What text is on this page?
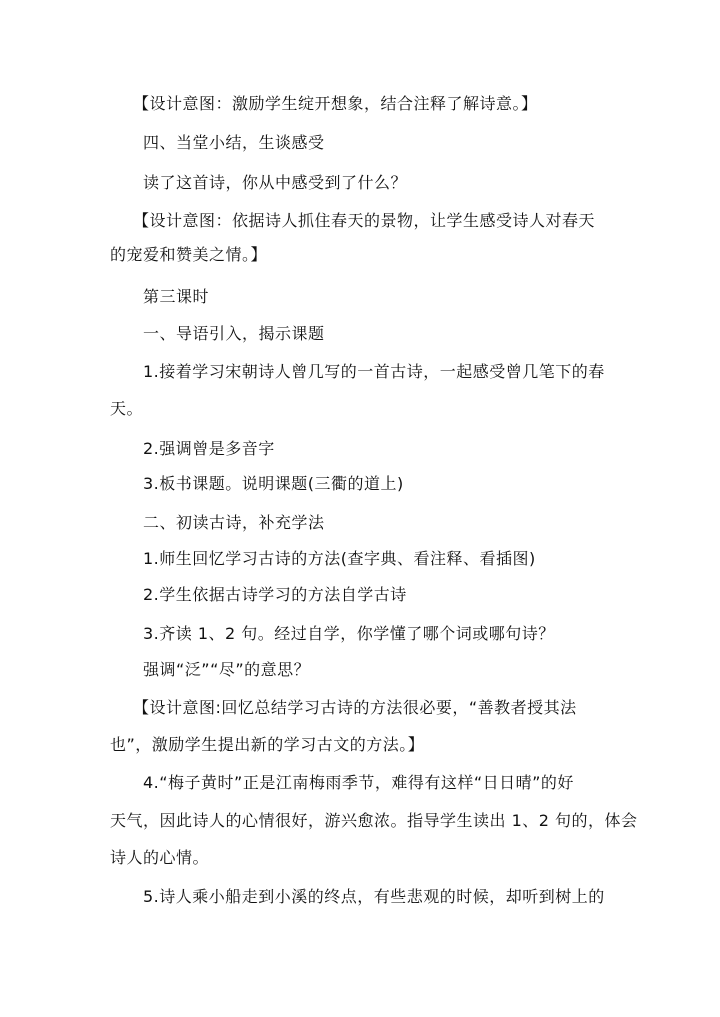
【设计意图：激励学生绽开想象，结合注释了解诗意。】
四、当堂小结，生谈感受
读了这首诗，你从中感受到了什么？
【设计意图：依据诗人抓住春天的景物，让学生感受诗人对春天
的宠爱和赞美之情。】
第三课时
一、导语引入，揭示课题
1.接着学习宋朝诗人曾几写的一首古诗，一起感受曾几笔下的春
天。
2.强调曾是多音字
3.板书课题。说明课题(三衢的道上)
二、初读古诗，补充学法
1.师生回忆学习古诗的方法(查字典、看注释、看插图)
2.学生依据古诗学习的方法自学古诗
3.齐读 1、2 句。经过自学，你学懂了哪个词或哪句诗？
强调“泛”“尽”的意思？
【设计意图:回忆总结学习古诗的方法很必要，“善教者授其法
也”，激励学生提出新的学习古文的方法。】
4.“梅子黄时”正是江南梅雨季节，难得有这样“日日晴”的好
天气，因此诗人的心情很好，游兴愈浓。指导学生读出 1、2 句的，体会
诗人的心情。
5.诗人乘小船走到小溪的终点，有些悲观的时候，却听到树上的
